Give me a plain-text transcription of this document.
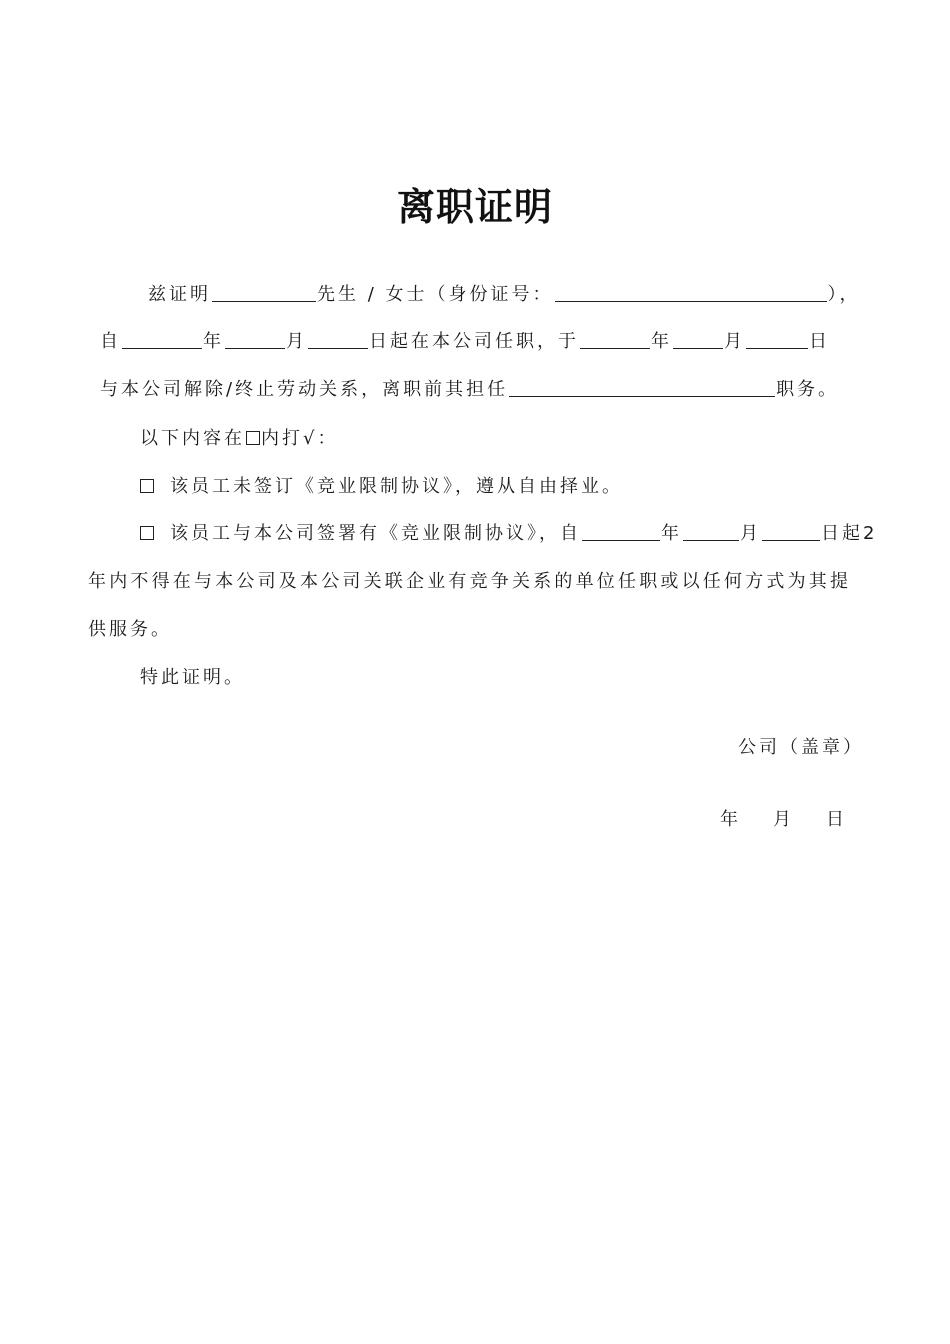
离职证明
兹证明	先生 / 女士（身份证号：	），
自	年	月	日起在本公司任职，于	年	月	日
与本公司解除/终止劳动关系，离职前其担任	职务。
以下内容在 内打√：
该员工未签订《竞业限制协议》，遵从自由择业。
该员工与本公司签署有《竞业限制协议》，自	年	月	日起2
年内不得在与本公司及本公司关联企业有竞争关系的单位任职或以任何方式为其提
供服务。
特此证明。
公司（盖章）
年 月 日
